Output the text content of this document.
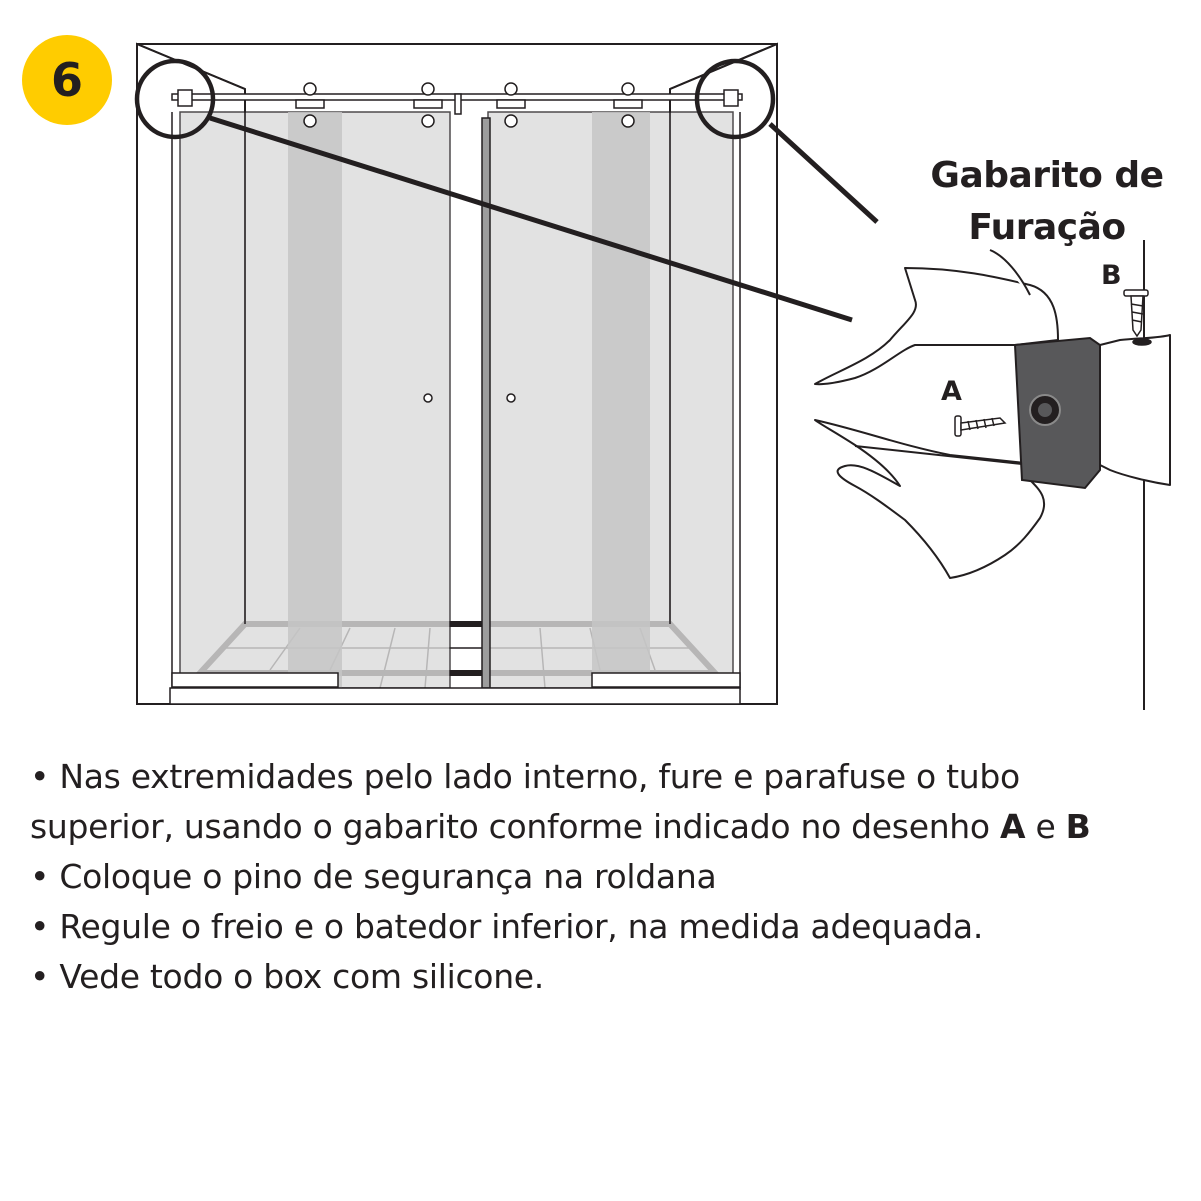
6
Gabarito de
Furação
A
B
• Nas extremidades pelo lado interno, fure e parafuse o tubo
superior, usando o gabarito conforme indicado no desenho A e B
• Coloque o pino de segurança na roldana
• Regule o freio e o batedor inferior, na medida adequada.
• Vede todo o box com silicone.
